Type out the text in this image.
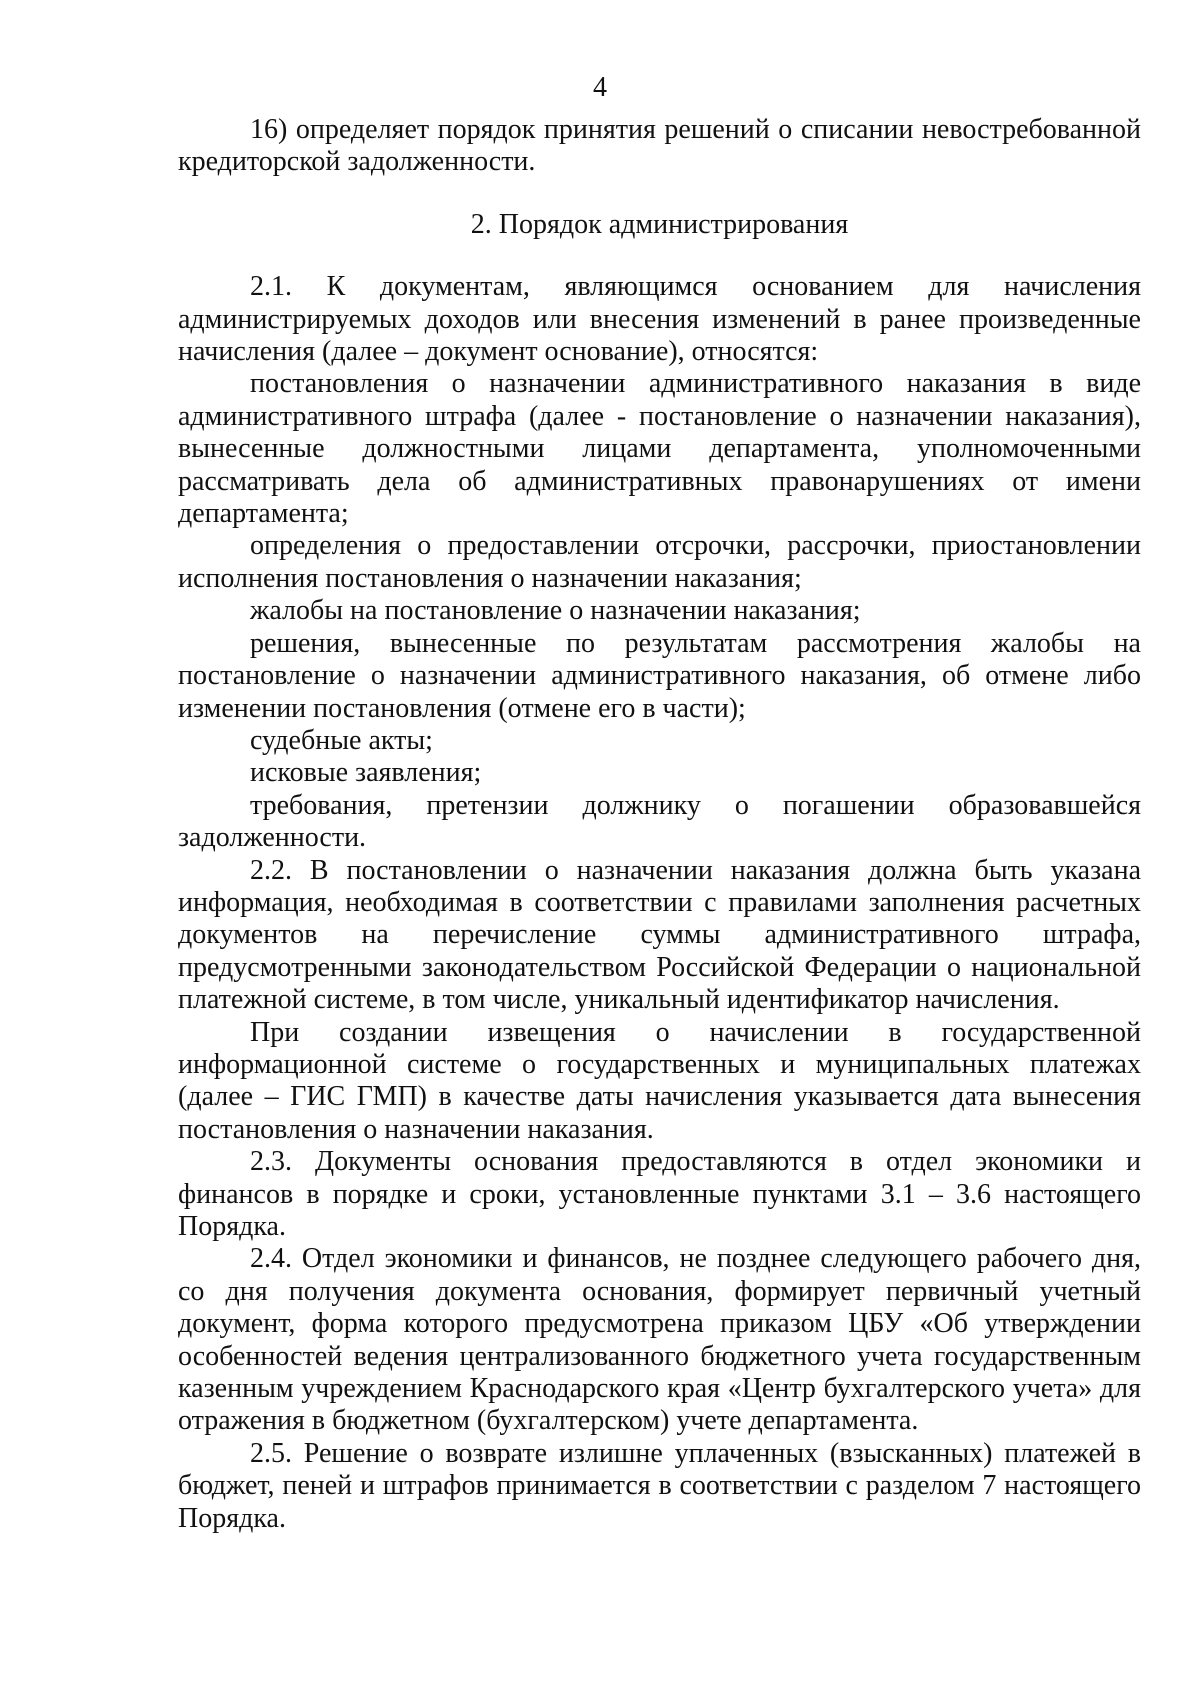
4

16) определяет порядок принятия решений о списании невостребованной кредиторской задолженности.

2. Порядок администрирования

2.1. К документам, являющимся основанием для начисления администрируемых доходов или внесения изменений в ранее произведенные начисления (далее – документ основание), относятся:

постановления о назначении административного наказания в виде административного штрафа (далее - постановление о назначении наказания), вынесенные должностными лицами департамента, уполномоченными рассматривать дела об административных правонарушениях от имени департамента;

определения о предоставлении отсрочки, рассрочки, приостановлении исполнения постановления о назначении наказания;

жалобы на постановление о назначении наказания;

решения, вынесенные по результатам рассмотрения жалобы на постановление о назначении административного наказания, об отмене либо изменении постановления (отмене его в части);

судебные акты;

исковые заявления;

требования, претензии должнику о погашении образовавшейся задолженности.

2.2. В постановлении о назначении наказания должна быть указана информация, необходимая в соответствии с правилами заполнения расчетных документов на перечисление суммы административного штрафа, предусмотренными законодательством Российской Федерации о национальной платежной системе, в том числе, уникальный идентификатор начисления.

При создании извещения о начислении в государственной информационной системе о государственных и муниципальных платежах (далее – ГИС ГМП) в качестве даты начисления указывается дата вынесения постановления о назначении наказания.

2.3. Документы основания предоставляются в отдел экономики и финансов в порядке и сроки, установленные пунктами 3.1 – 3.6 настоящего Порядка.

2.4. Отдел экономики и финансов, не позднее следующего рабочего дня, со дня получения документа основания, формирует первичный учетный документ, форма которого предусмотрена приказом ЦБУ «Об утверждении особенностей ведения централизованного бюджетного учета государственным казенным учреждением Краснодарского края «Центр бухгалтерского учета» для отражения в бюджетном (бухгалтерском) учете департамента.

2.5. Решение о возврате излишне уплаченных (взысканных) платежей в бюджет, пеней и штрафов принимается в соответствии с разделом 7 настоящего Порядка.
